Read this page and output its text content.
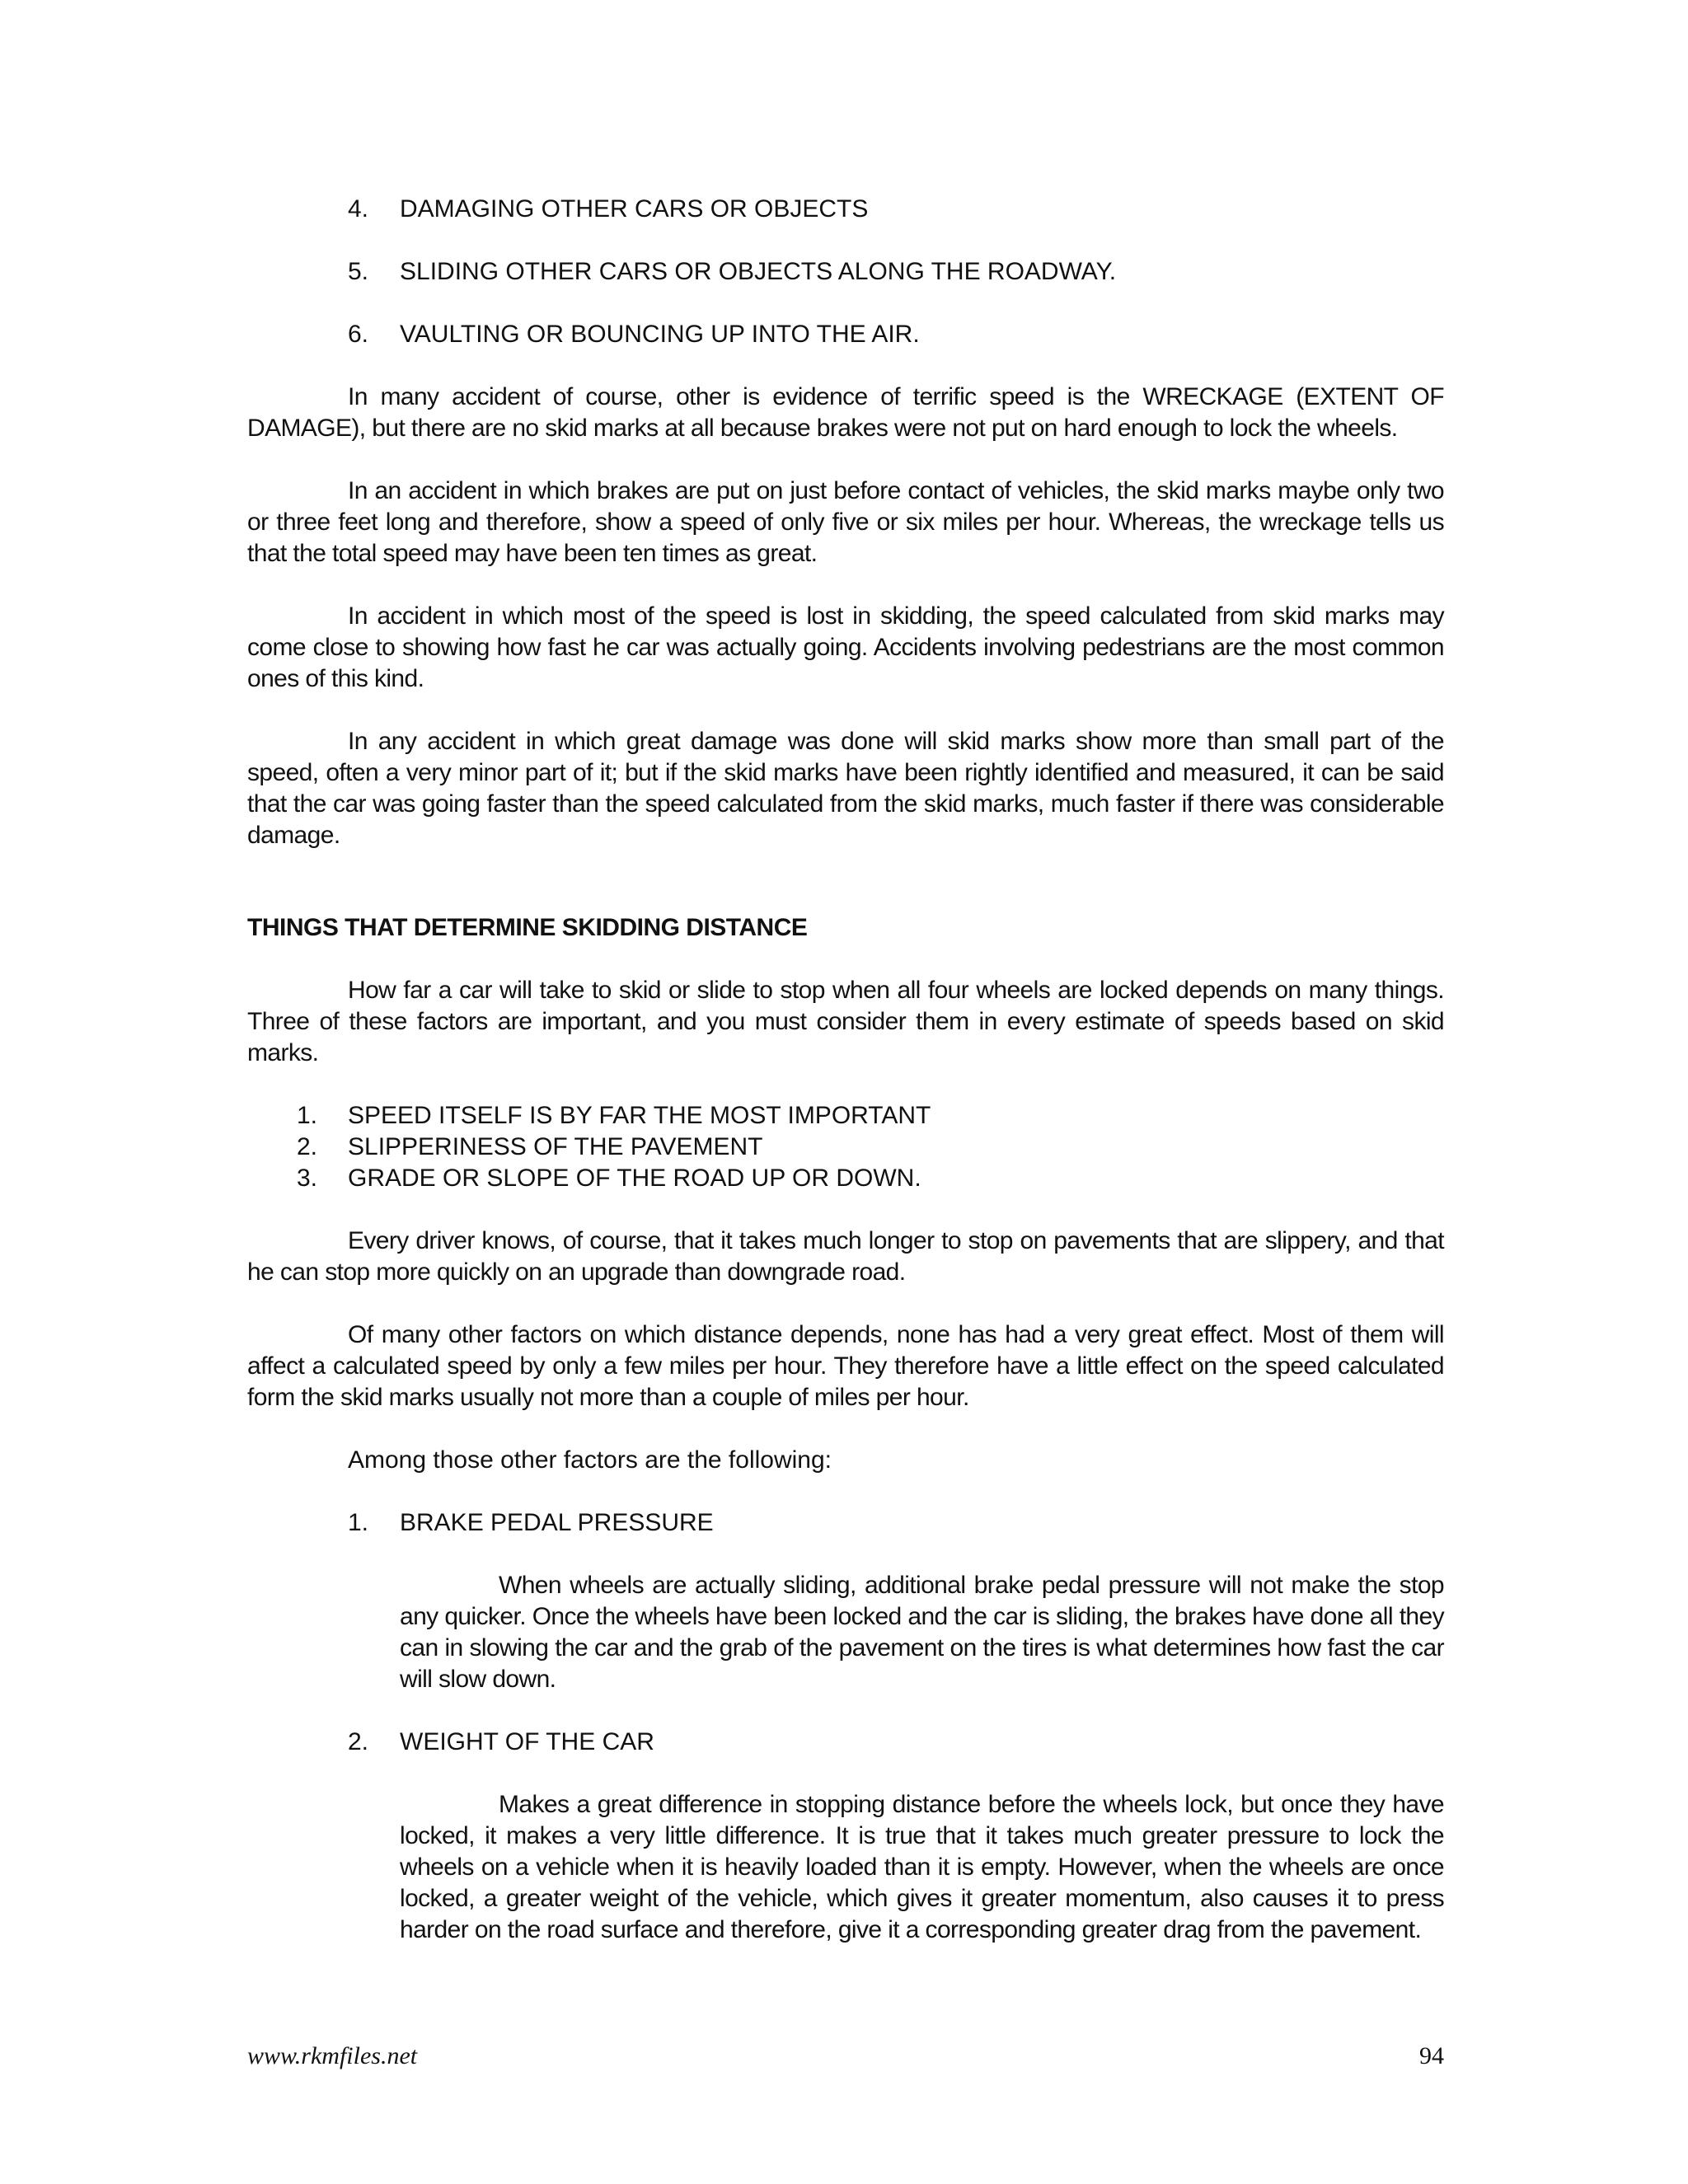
4. DAMAGING OTHER CARS OR OBJECTS

5. SLIDING OTHER CARS OR OBJECTS ALONG THE ROADWAY.

6. VAULTING OR BOUNCING UP INTO THE AIR.

In many accident of course, other is evidence of terrific speed is the WRECKAGE (EXTENT OF DAMAGE), but there are no skid marks at all because brakes were not put on hard enough to lock the wheels.

In an accident in which brakes are put on just before contact of vehicles, the skid marks maybe only two or three feet long and therefore, show a speed of only five or six miles per hour. Whereas, the wreckage tells us that the total speed may have been ten times as great.

In accident in which most of the speed is lost in skidding, the speed calculated from skid marks may come close to showing how fast he car was actually going. Accidents involving pedestrians are the most common ones of this kind.

In any accident in which great damage was done will skid marks show more than small part of the speed, often a very minor part of it; but if the skid marks have been rightly identified and measured, it can be said that the car was going faster than the speed calculated from the skid marks, much faster if there was considerable damage.

THINGS THAT DETERMINE SKIDDING DISTANCE

How far a car will take to skid or slide to stop when all four wheels are locked depends on many things. Three of these factors are important, and you must consider them in every estimate of speeds based on skid marks.

1. SPEED ITSELF IS BY FAR THE MOST IMPORTANT

2. SLIPPERINESS OF THE PAVEMENT

3. GRADE OR SLOPE OF THE ROAD UP OR DOWN.

Every driver knows, of course, that it takes much longer to stop on pavements that are slippery, and that he can stop more quickly on an upgrade than downgrade road.

Of many other factors on which distance depends, none has had a very great effect. Most of them will affect a calculated speed by only a few miles per hour. They therefore have a little effect on the speed calculated form the skid marks usually not more than a couple of miles per hour.

Among those other factors are the following:

1. BRAKE PEDAL PRESSURE

When wheels are actually sliding, additional brake pedal pressure will not make the stop any quicker. Once the wheels have been locked and the car is sliding, the brakes have done all they can in slowing the car and the grab of the pavement on the tires is what determines how fast the car will slow down.

2. WEIGHT OF THE CAR

Makes a great difference in stopping distance before the wheels lock, but once they have locked, it makes a very little difference. It is true that it takes much greater pressure to lock the wheels on a vehicle when it is heavily loaded than it is empty. However, when the wheels are once locked, a greater weight of the vehicle, which gives it greater momentum, also causes it to press harder on the road surface and therefore, give it a corresponding greater drag from the pavement.

www.rkmfiles.net	94
